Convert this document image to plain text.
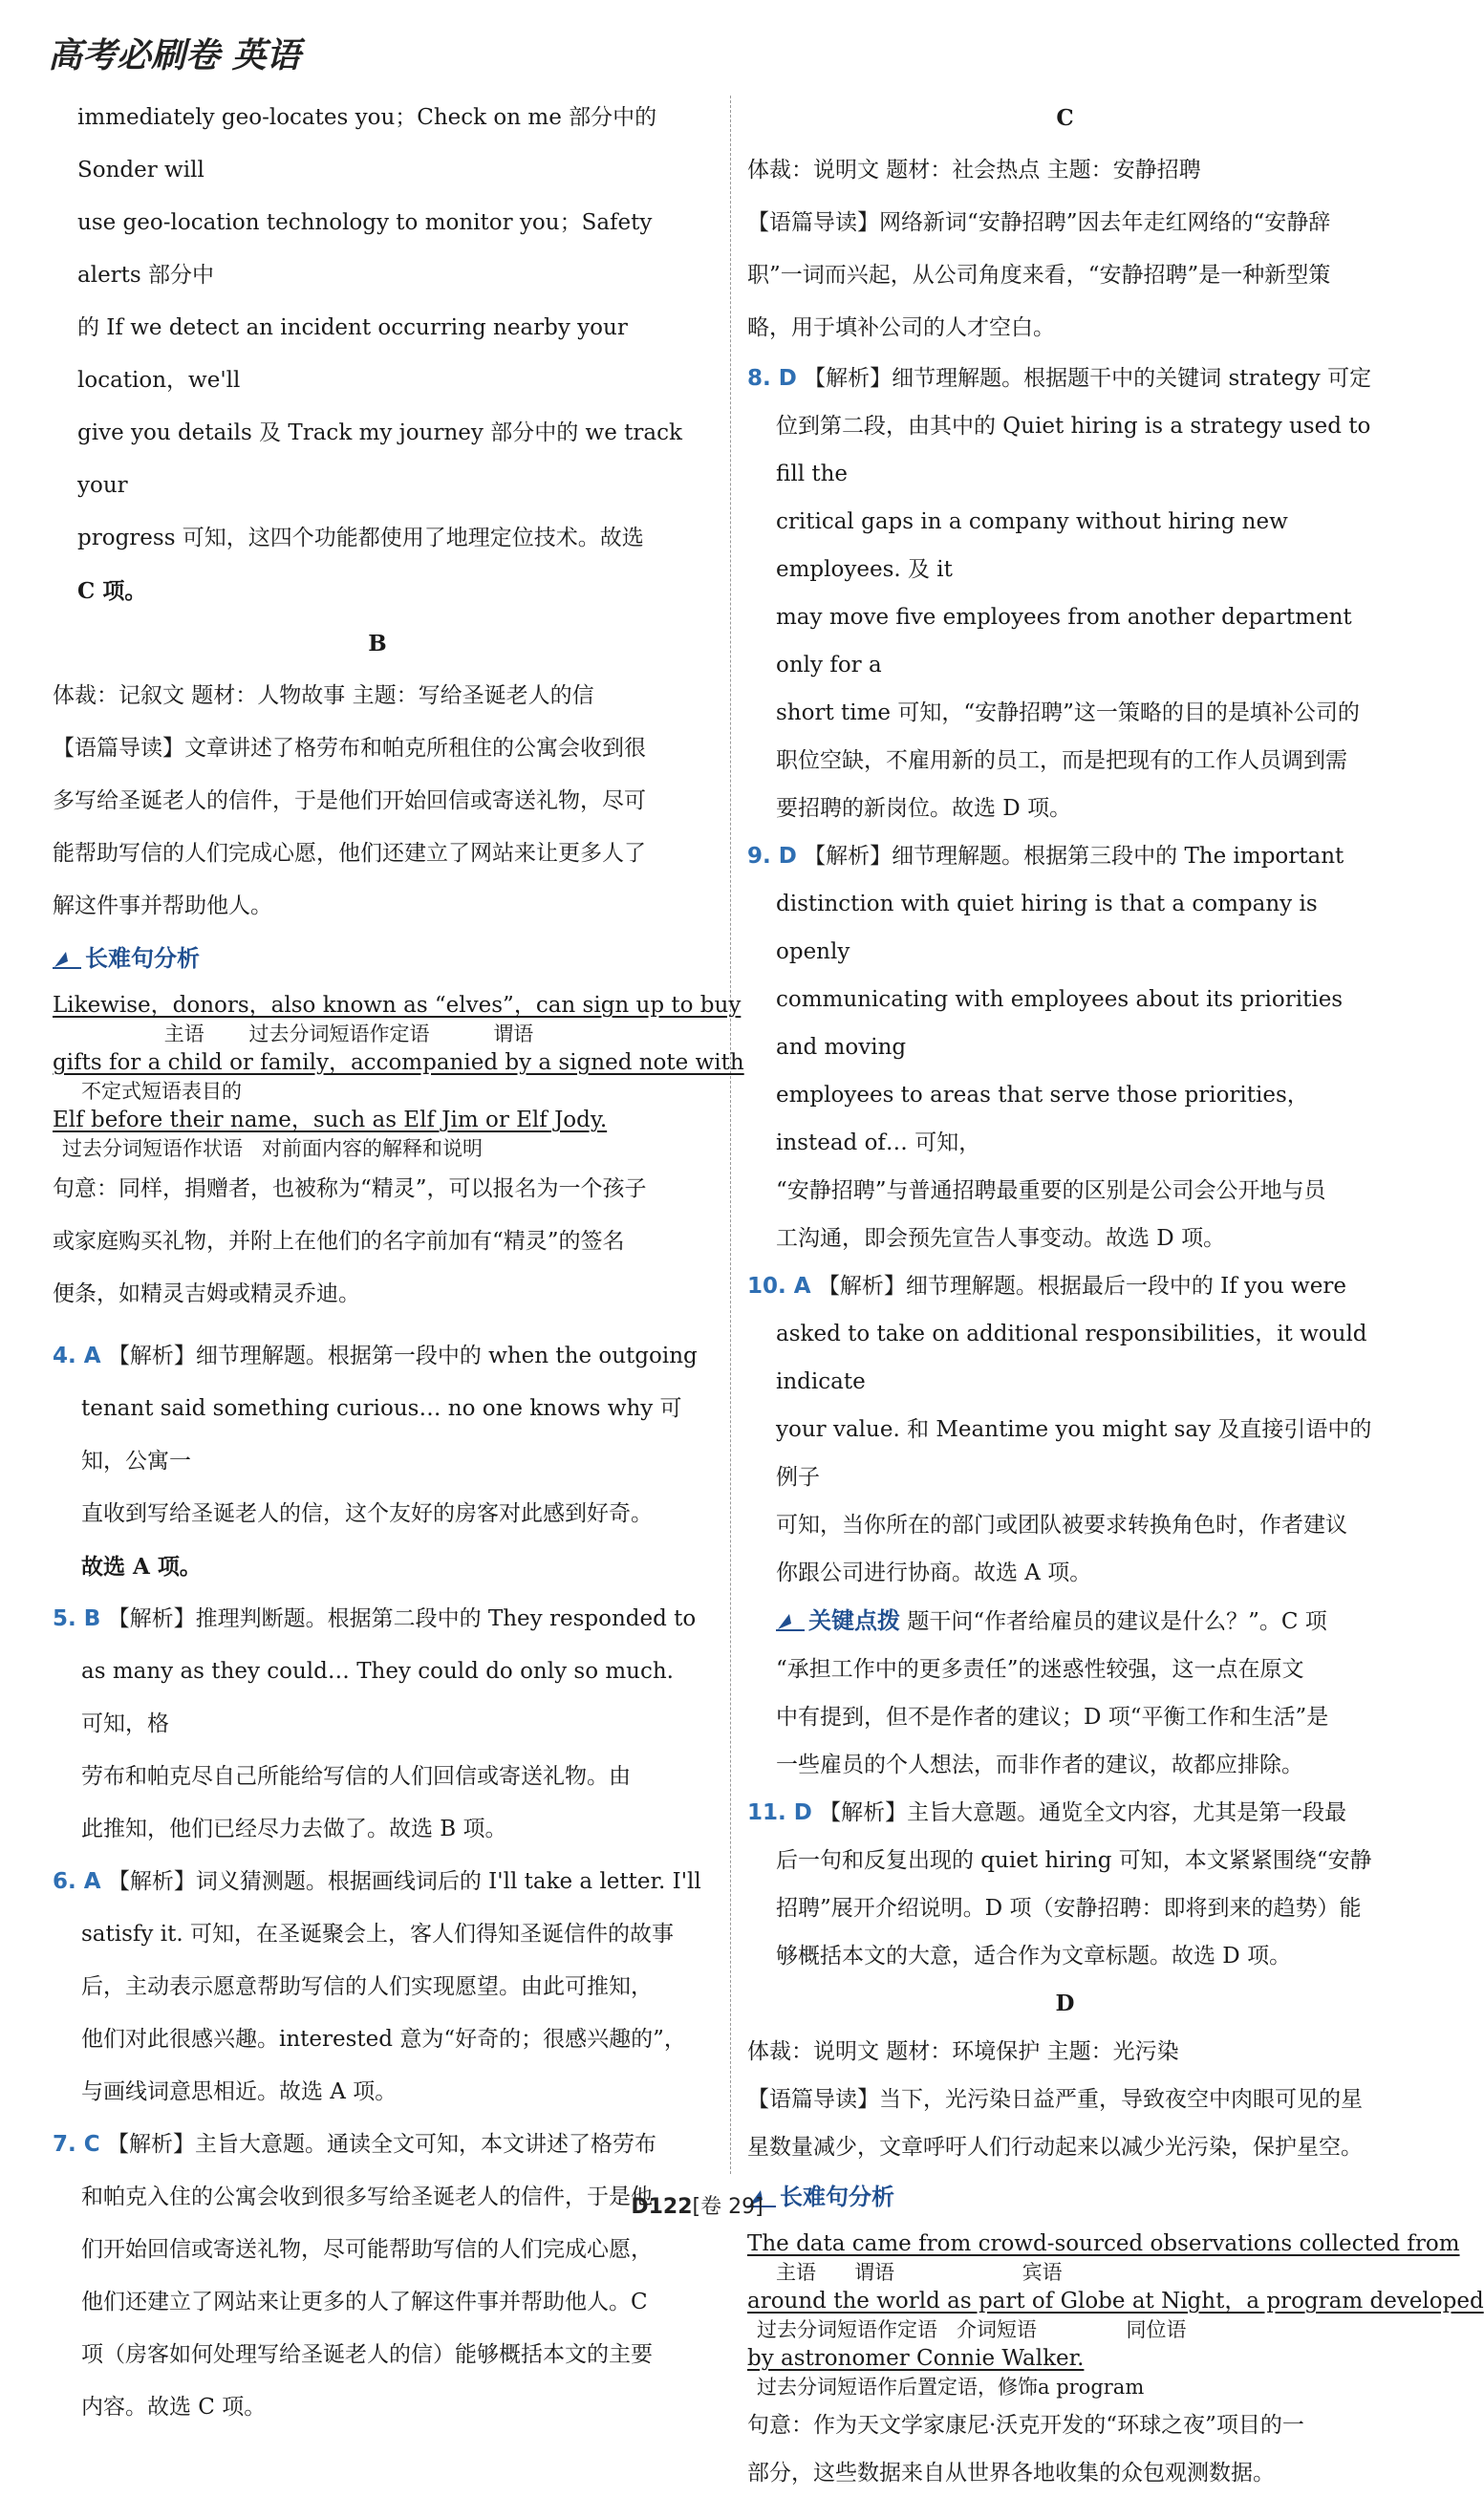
高考必刷卷 英语

immediately geo-locates you；Check on me 部分中的 Sonder will

use geo-location technology to monitor you；Safety alerts 部分中

的 If we detect an incident occurring nearby your location，we'll

give you details 及 Track my journey 部分中的 we track your

progress 可知，这四个功能都使用了地理定位技术。故选

C 项。

B

体裁：记叙文 题材：人物故事 主题：写给圣诞老人的信

【语篇导读】文章讲述了格劳布和帕克所租住的公寓会收到很

多写给圣诞老人的信件，于是他们开始回信或寄送礼物，尽可

能帮助写信的人们完成心愿，他们还建立了网站来让更多人了

解这件事并帮助他人。

长难句分析

Likewise，donors，also known as “elves”，can sign up to buy

主语       过去分词短语作定语          谓语

gifts for a child or family，accompanied by a signed note with

不定式短语表目的

Elf before their name，such as Elf Jim or Elf Jody.

过去分词短语作状语   对前面内容的解释和说明

句意：同样，捐赠者，也被称为“精灵”，可以报名为一个孩子

或家庭购买礼物，并附上在他们的名字前加有“精灵”的签名

便条，如精灵吉姆或精灵乔迪。

4. A 【解析】细节理解题。根据第一段中的 when the outgoing

tenant said something curious… no one knows why 可知，公寓一

直收到写给圣诞老人的信，这个友好的房客对此感到好奇。

故选 A 项。

5. B 【解析】推理判断题。根据第二段中的 They responded to

as many as they could… They could do only so much. 可知，格

劳布和帕克尽自己所能给写信的人们回信或寄送礼物。由

此推知，他们已经尽力去做了。故选 B 项。

6. A 【解析】词义猜测题。根据画线词后的 I'll take a letter. I'll

satisfy it. 可知，在圣诞聚会上，客人们得知圣诞信件的故事

后，主动表示愿意帮助写信的人们实现愿望。由此可推知，

他们对此很感兴趣。interested 意为“好奇的；很感兴趣的”，

与画线词意思相近。故选 A 项。

7. C 【解析】主旨大意题。通读全文可知，本文讲述了格劳布

和帕克入住的公寓会收到很多写给圣诞老人的信件，于是他

们开始回信或寄送礼物，尽可能帮助写信的人们完成心愿，

他们还建立了网站来让更多的人了解这件事并帮助他人。C

项（房客如何处理写给圣诞老人的信）能够概括本文的主要

内容。故选 C 项。

C

体裁：说明文 题材：社会热点 主题：安静招聘

【语篇导读】网络新词“安静招聘”因去年走红网络的“安静辞

职”一词而兴起，从公司角度来看，“安静招聘”是一种新型策

略，用于填补公司的人才空白。

8. D 【解析】细节理解题。根据题干中的关键词 strategy 可定

位到第二段，由其中的 Quiet hiring is a strategy used to fill the

critical gaps in a company without hiring new employees. 及 it

may move five employees from another department only for a

short time 可知，“安静招聘”这一策略的目的是填补公司的

职位空缺，不雇用新的员工，而是把现有的工作人员调到需

要招聘的新岗位。故选 D 项。

9. D 【解析】细节理解题。根据第三段中的 The important

distinction with quiet hiring is that a company is openly

communicating with employees about its priorities and moving

employees to areas that serve those priorities，instead of… 可知，

“安静招聘”与普通招聘最重要的区别是公司会公开地与员

工沟通，即会预先宣告人事变动。故选 D 项。

10. A 【解析】细节理解题。根据最后一段中的 If you were

asked to take on additional responsibilities，it would indicate

your value. 和 Meantime you might say 及直接引语中的例子

可知，当你所在的部门或团队被要求转换角色时，作者建议

你跟公司进行协商。故选 A 项。

关键点拨 题干问“作者给雇员的建议是什么？”。C 项

“承担工作中的更多责任”的迷惑性较强，这一点在原文

中有提到，但不是作者的建议；D 项“平衡工作和生活”是

一些雇员的个人想法，而非作者的建议，故都应排除。

11. D 【解析】主旨大意题。通览全文内容，尤其是第一段最

后一句和反复出现的 quiet hiring 可知，本文紧紧围绕“安静

招聘”展开介绍说明。D 项（安静招聘：即将到来的趋势）能

够概括本文的大意，适合作为文章标题。故选 D 项。

D

体裁：说明文 题材：环境保护 主题：光污染

【语篇导读】当下，光污染日益严重，导致夜空中肉眼可见的星

星数量减少，文章呼吁人们行动起来以减少光污染，保护星空。

长难句分析

The data came from crowd-sourced observations collected from

主语      谓语                    宾语

around the world as part of Globe at Night，a program developed

过去分词短语作定语   介词短语              同位语

by astronomer Connie Walker.

过去分词短语作后置定语，修饰a program

句意：作为天文学家康尼·沃克开发的“环球之夜”项目的一

部分，这些数据来自从世界各地收集的众包观测数据。

D122[卷 29]
